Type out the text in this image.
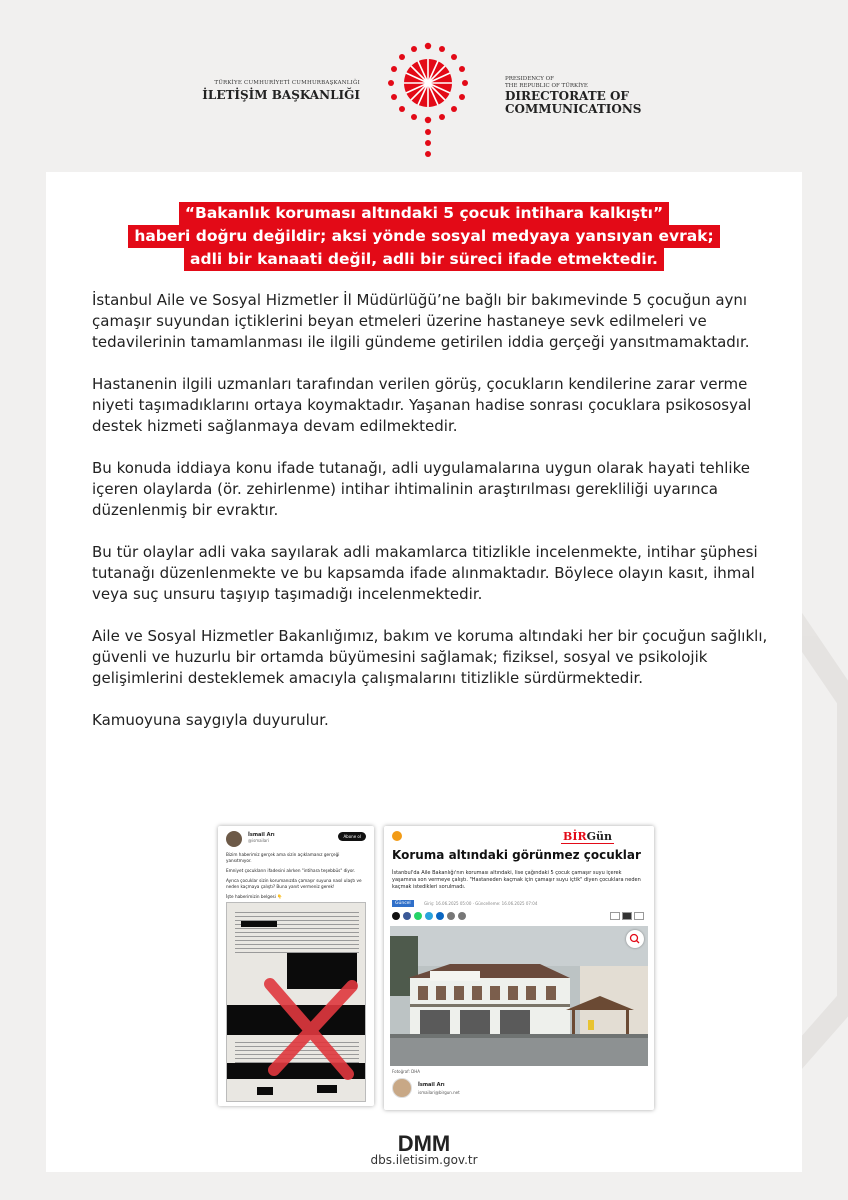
TÜRKİYE CUMHURİYETİ CUMHURBAŞKANLIĞI
İLETİŞİM BAŞKANLIĞI
PRESIDENCY OF
THE REPUBLIC OF TÜRKİYE
DIRECTORATE OF
COMMUNICATIONS
“Bakanlık koruması altındaki 5 çocuk intihara kalkıştı”
haberi doğru değildir; aksi yönde sosyal medyaya yansıyan evrak;
adli bir kanaati değil, adli bir süreci ifade etmektedir.

İstanbul Aile ve Sosyal Hizmetler İl Müdürlüğü’ne bağlı bir bakımevinde 5 çocuğun aynı çamaşır suyundan içtiklerini beyan etmeleri üzerine hastaneye sevk edilmeleri ve tedavilerinin tamamlanması ile ilgili gündeme getirilen iddia gerçeği yansıtmamaktadır.

Hastanenin ilgili uzmanları tarafından verilen görüş, çocukların kendilerine zarar verme niyeti taşımadıklarını ortaya koymaktadır. Yaşanan hadise sonrası çocuklara psikososyal destek hizmeti sağlanmaya devam edilmektedir.

Bu konuda iddiaya konu ifade tutanağı, adli uygulamalarına uygun olarak hayati tehlike içeren olaylarda (ör. zehirlenme) intihar ihtimalinin araştırılması gerekliliği uyarınca düzenlenmiş bir evraktır.

Bu tür olaylar adli vaka sayılarak adli makamlarca titizlikle incelenmekte, intihar şüphesi tutanağı düzenlenmekte ve bu kapsamda ifade alınmaktadır. Böylece olayın kasıt, ihmal veya suç unsuru taşıyıp taşımadığı incelenmektedir.

Aile ve Sosyal Hizmetler Bakanlığımız, bakım ve koruma altındaki her bir çocuğun sağlıklı, güvenli ve huzurlu bir ortamda büyümesini sağlamak; fiziksel, sosyal ve psikolojik gelişimlerini desteklemek amacıyla çalışmalarını titizlikle sürdürmektedir.

Kamuoyuna saygıyla duyurulur.

İsmail Arı
@ismailari
Abone ol
Bizim haberimiz gerçek ama sizin açıklamanız gerçeği yansıtmıyor.
Emniyet çocukların ifadesini alırken "intihara teşebbüs" diyor.
Ayrıca çocuklar sizin korumanızda çamaşır suyuna nasıl ulaştı ve neden kaçmaya çalıştı? Buna yanıt vermeniz gerek!
İşte haberimizin belgesi 👇
BİRGün
Koruma altındaki görünmez çocuklar
İstanbul'da Aile Bakanlığı'nın koruması altındaki, lise çağındaki 5 çocuk çamaşır suyu içerek yaşamına son vermeye çalıştı. "Hastaneden kaçmak için çamaşır suyu içtik" diyen çocuklara neden kaçmak istedikleri sorulmadı.
Güncel	Giriş: 16.06.2025 05:00 · Güncelleme: 16.06.2025 07:04
Fotoğraf: DHA
İsmail Arı
ismailari@birgun.net
DMM
dbs.iletisim.gov.tr
